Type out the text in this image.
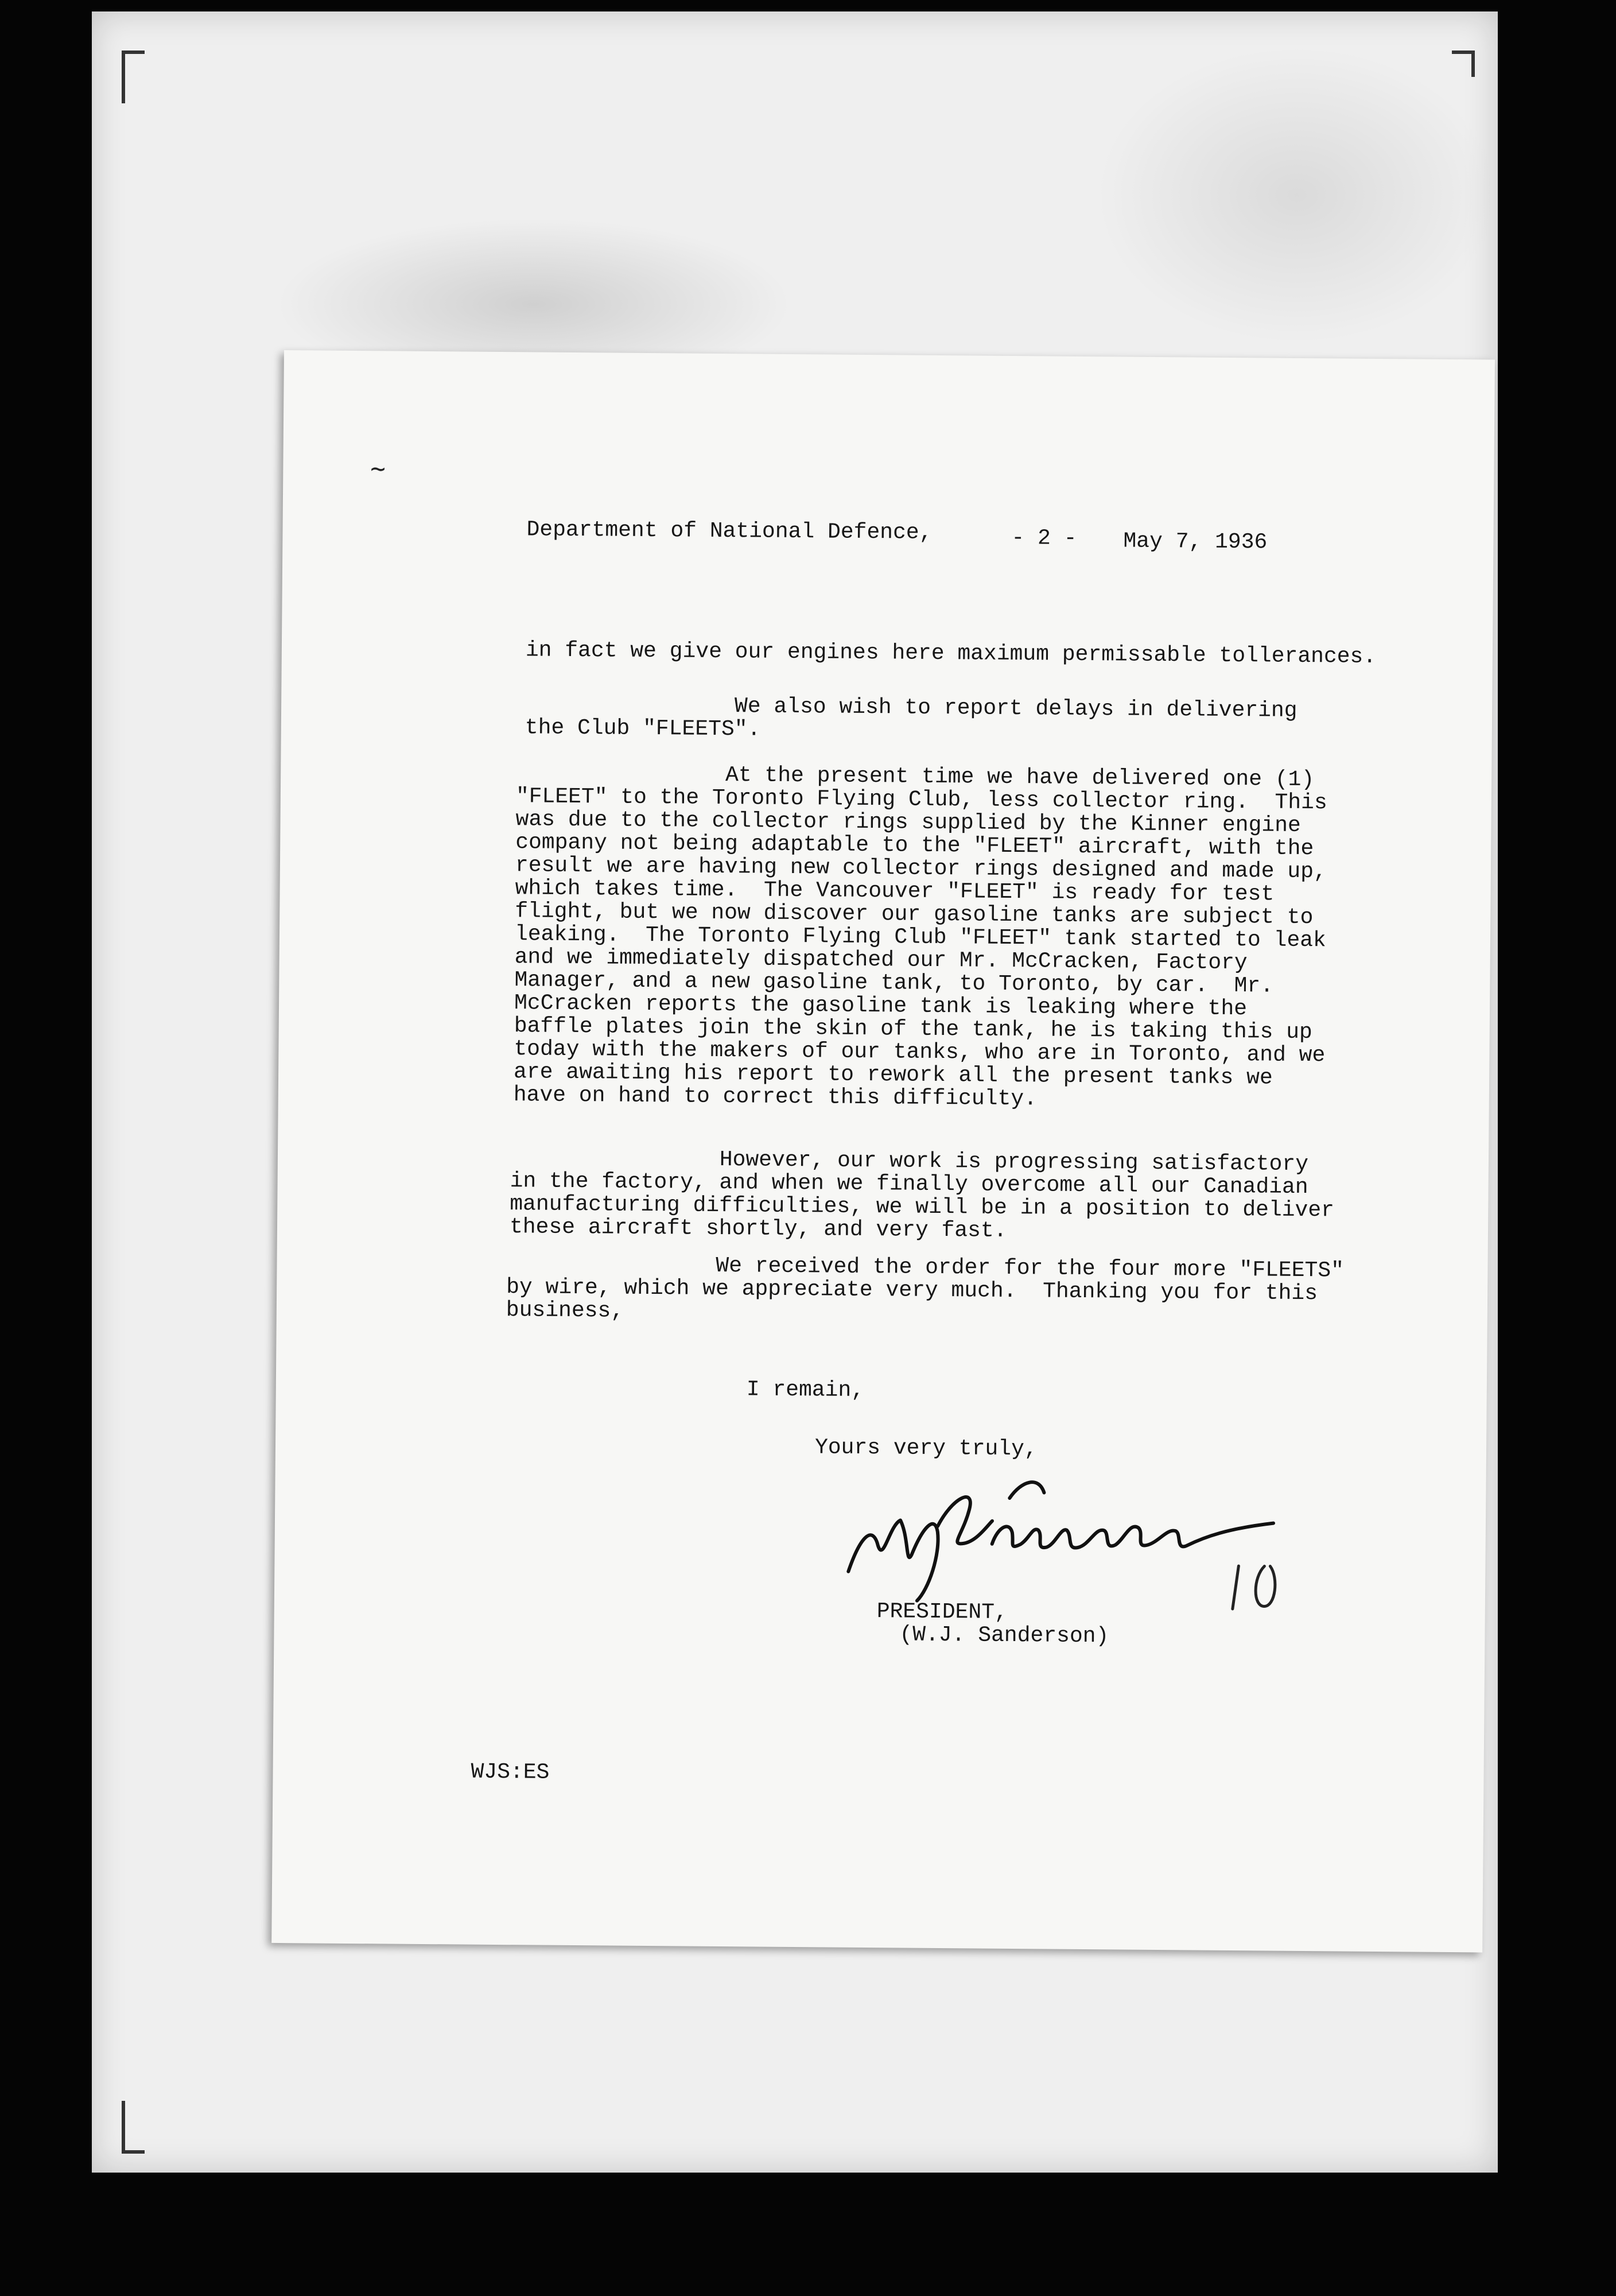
~
Department of National Defence,	- 2 - May 7, 1936
in fact we give our engines here maximum permissable tollerances.
We also wish to report delays in delivering
the Club "FLEETS".
At the present time we have delivered one (1)
"FLEET" to the Toronto Flying Club, less collector ring.  This
was due to the collector rings supplied by the Kinner engine
company not being adaptable to the "FLEET" aircraft, with the
result we are having new collector rings designed and made up,
which takes time.  The Vancouver "FLEET" is ready for test
flight, but we now discover our gasoline tanks are subject to
leaking.  The Toronto Flying Club "FLEET" tank started to leak
and we immediately dispatched our Mr. McCracken, Factory
Manager, and a new gasoline tank, to Toronto, by car.  Mr.
McCracken reports the gasoline tank is leaking where the
baffle plates join the skin of the tank, he is taking this up
today with the makers of our tanks, who are in Toronto, and we
are awaiting his report to rework all the present tanks we
have on hand to correct this difficulty.
However, our work is progressing satisfactory
in the factory, and when we finally overcome all our Canadian
manufacturing difficulties, we will be in a position to deliver
these aircraft shortly, and very fast.
We received the order for the four more "FLEETS"
by wire, which we appreciate very much.  Thanking you for this
business,
I remain,
Yours very truly,
PRESIDENT,
(W.J. Sanderson)
WJS:ES
